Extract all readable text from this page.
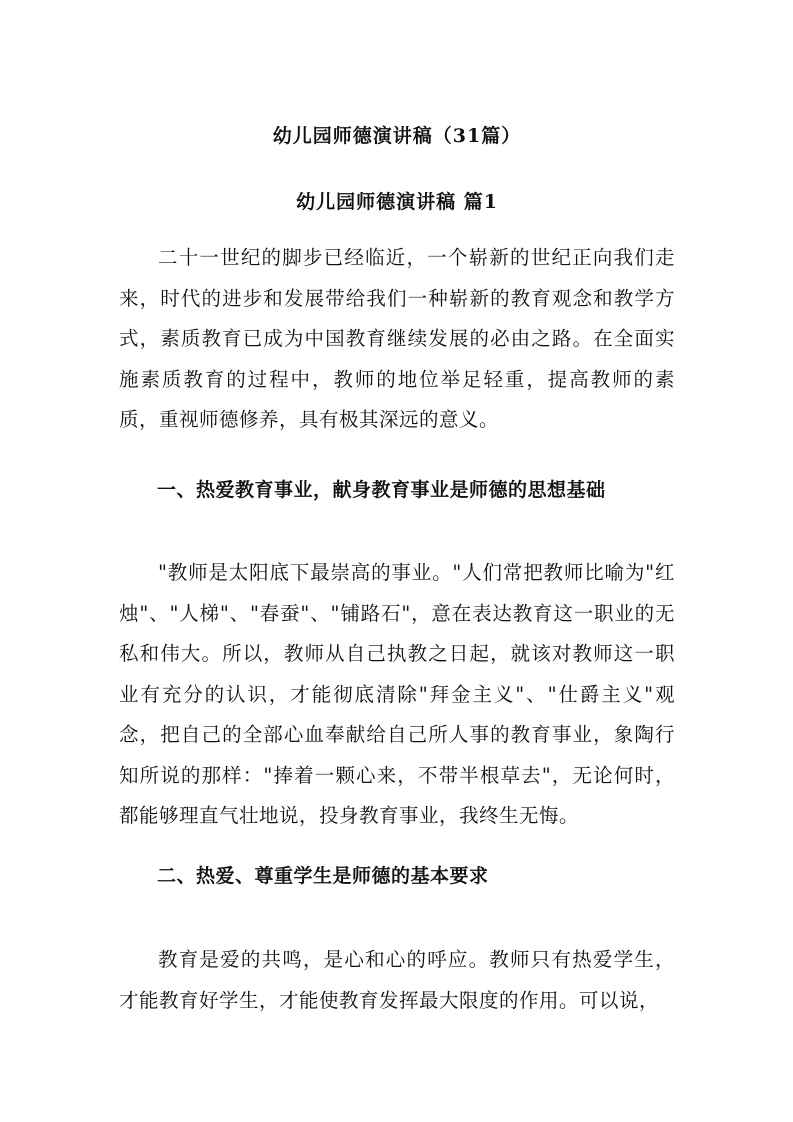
幼儿园师德演讲稿（31篇）
幼儿园师德演讲稿 篇1

二十一世纪的脚步已经临近，一个崭新的世纪正向我们走来，时代的进步和发展带给我们一种崭新的教育观念和教学方式，素质教育已成为中国教育继续发展的必由之路。在全面实施素质教育的过程中，教师的地位举足轻重，提高教师的素质，重视师德修养，具有极其深远的意义。

一、热爱教育事业，献身教育事业是师德的思想基础

"教师是太阳底下最崇高的事业。"人们常把教师比喻为"红烛"、"人梯"、"春蚕"、"铺路石"，意在表达教育这一职业的无私和伟大。所以，教师从自己执教之日起，就该对教师这一职业有充分的认识，才能彻底清除"拜金主义"、"仕爵主义"观念，把自己的全部心血奉献给自己所人事的教育事业，象陶行知所说的那样："捧着一颗心来，不带半根草去"，无论何时，都能够理直气壮地说，投身教育事业，我终生无悔。

二、热爱、尊重学生是师德的基本要求

教育是爱的共鸣，是心和心的呼应。教师只有热爱学生，才能教育好学生，才能使教育发挥最大限度的作用。可以说，
